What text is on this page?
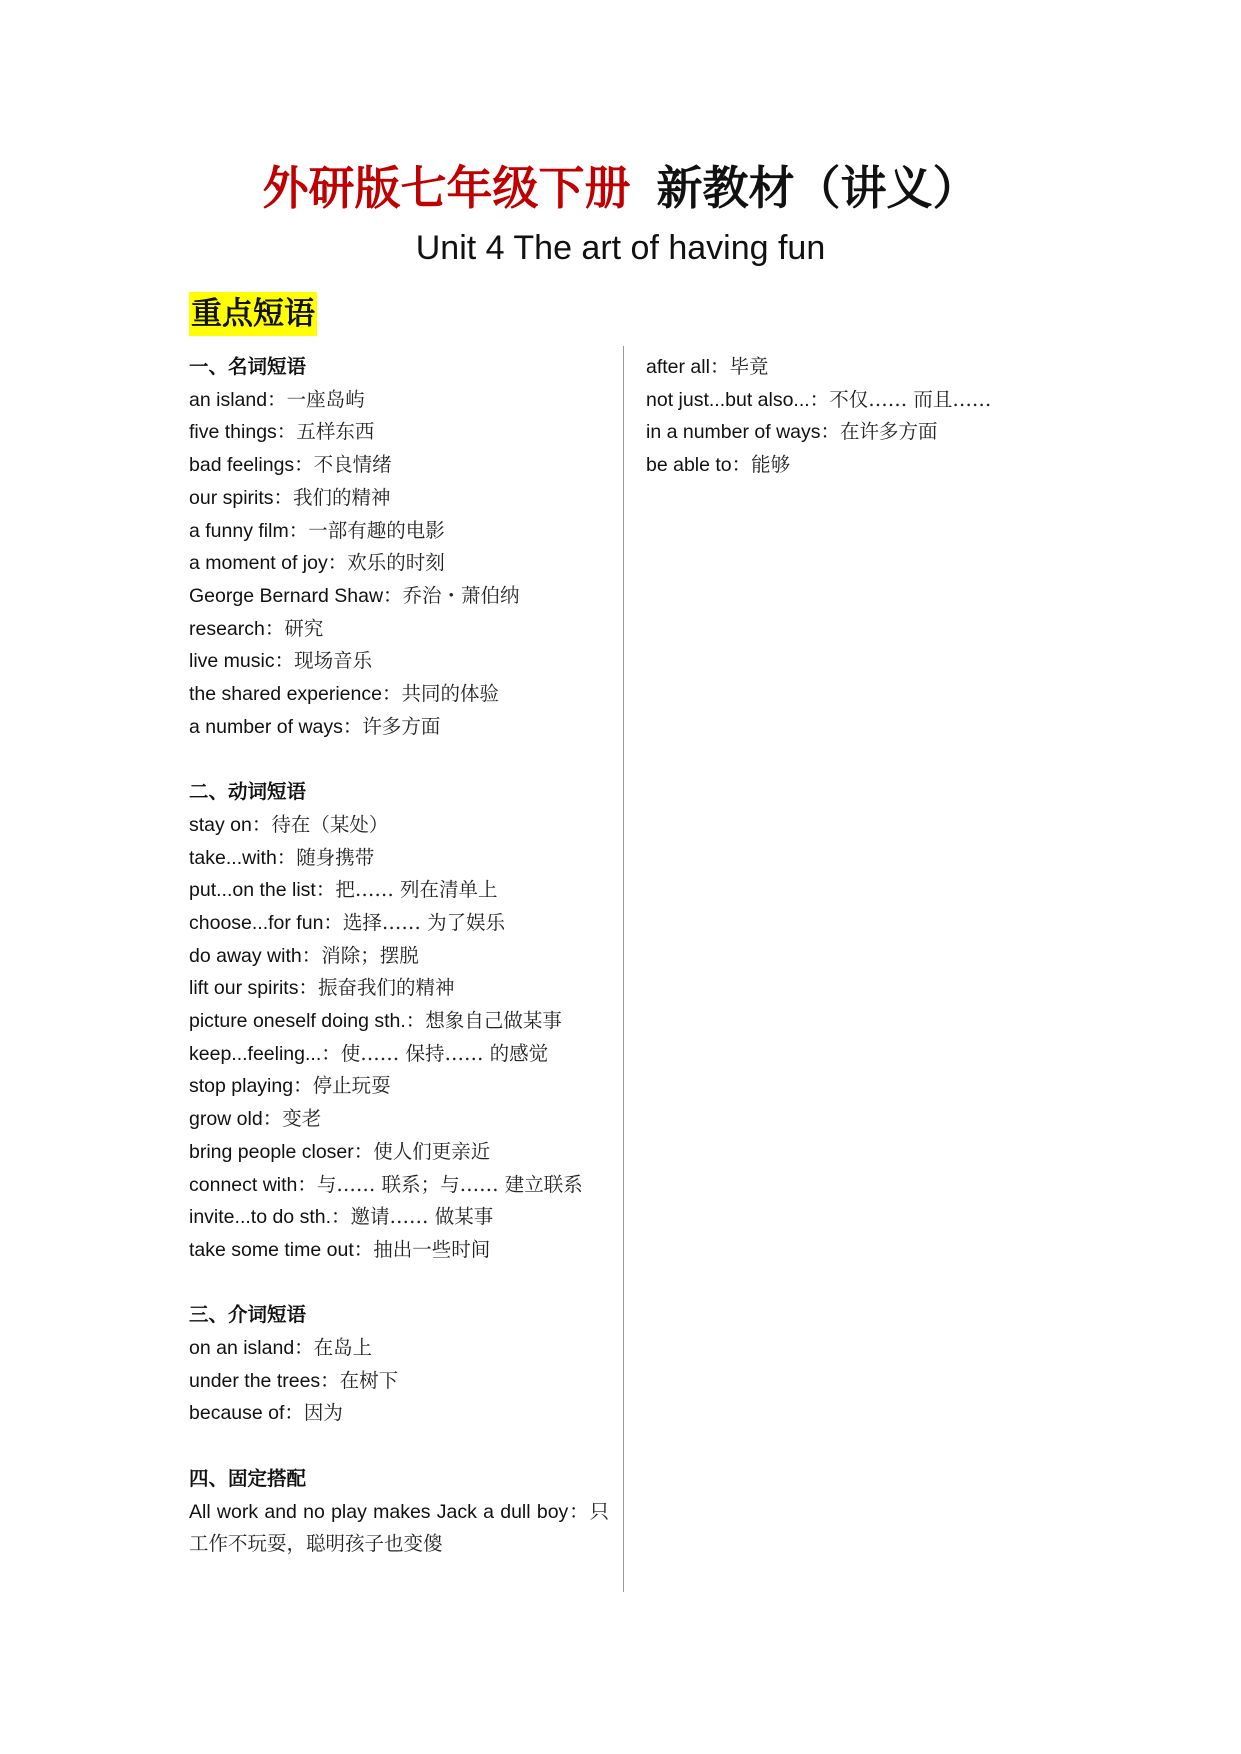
外研版七年级下册 新教材（讲义）
Unit 4 The art of having fun
重点短语
一、名词短语
an island：一座岛屿
five things：五样东西
bad feelings：不良情绪
our spirits：我们的精神
a funny film：一部有趣的电影
a moment of joy：欢乐的时刻
George Bernard Shaw：乔治・萧伯纳
research：研究
live music：现场音乐
the shared experience：共同的体验
a number of ways：许多方面
二、动词短语
stay on：待在（某处）
take...with：随身携带
put...on the list：把…… 列在清单上
choose...for fun：选择…… 为了娱乐
do away with：消除；摆脱
lift our spirits：振奋我们的精神
picture oneself doing sth.：想象自己做某事
keep...feeling...：使…… 保持…… 的感觉
stop playing：停止玩耍
grow old：变老
bring people closer：使人们更亲近
connect with：与…… 联系；与…… 建立联系
invite...to do sth.：邀请…… 做某事
take some time out：抽出一些时间
三、介词短语
on an island：在岛上
under the trees：在树下
because of：因为
四、固定搭配
All work and no play makes Jack a dull boy：只工作不玩耍，聪明孩子也变傻
after all：毕竟
not just...but also...：不仅…… 而且……
in a number of ways：在许多方面
be able to：能够
